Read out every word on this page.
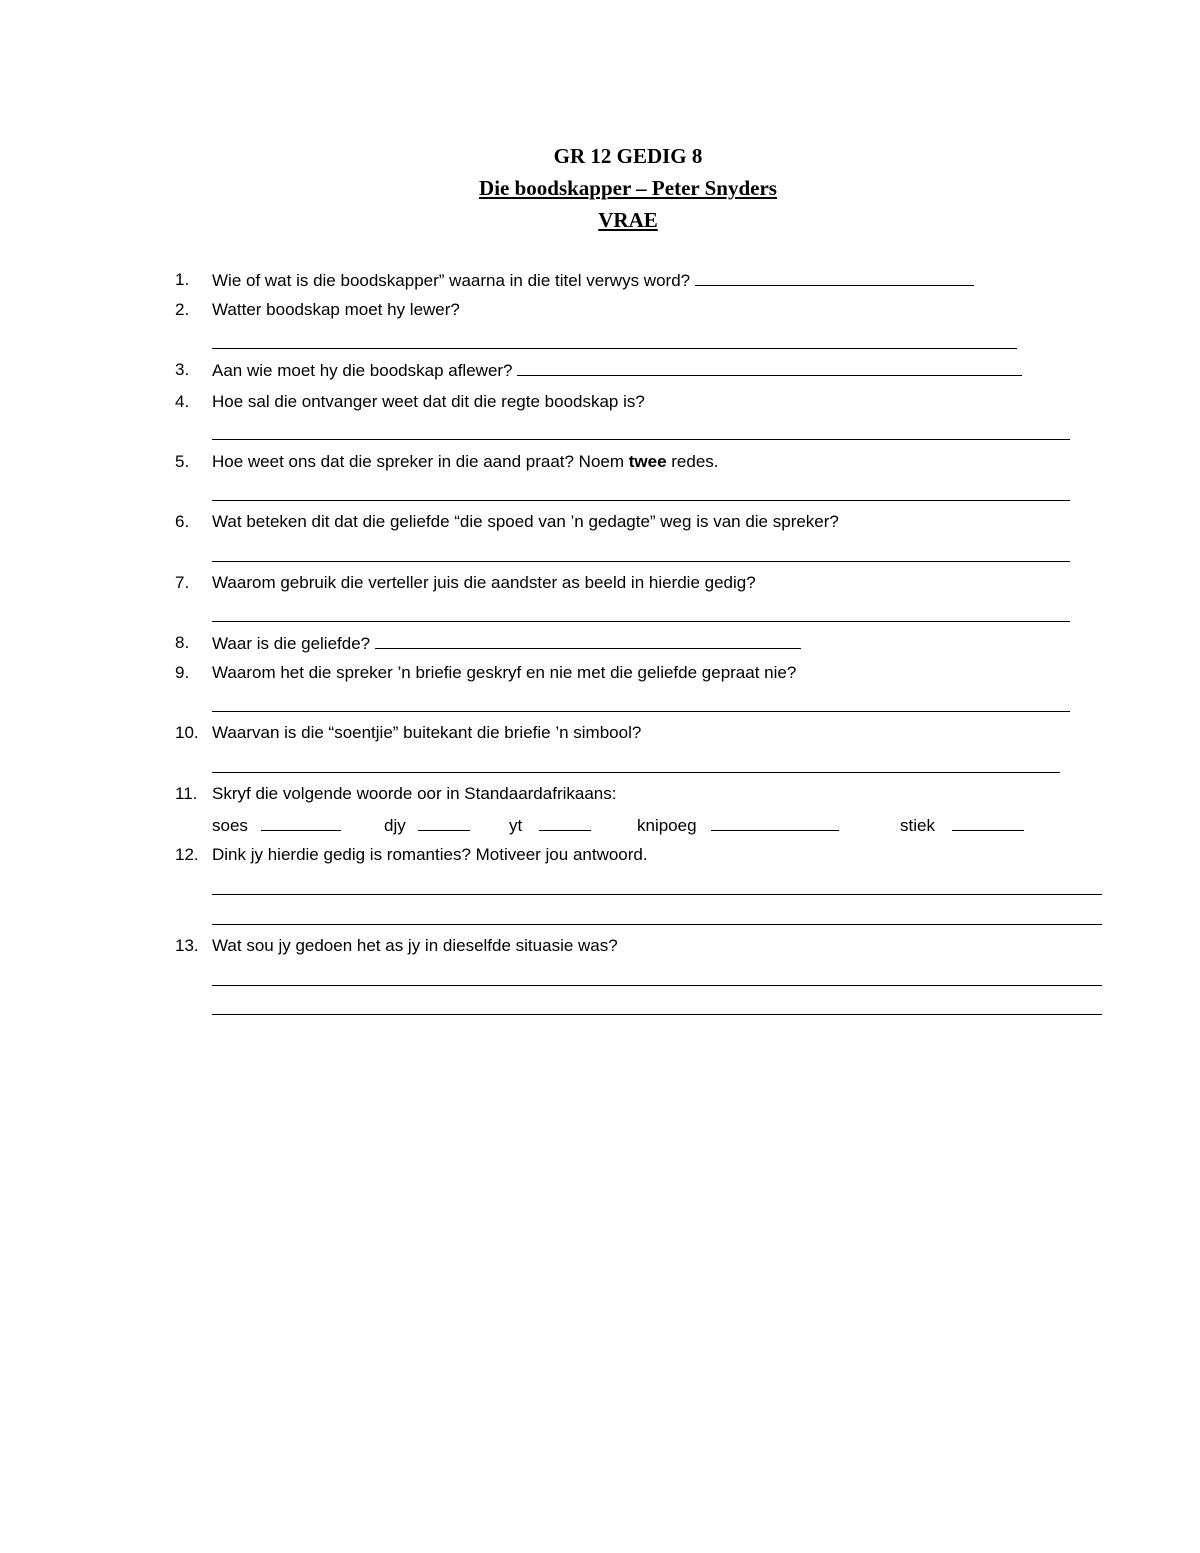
GR 12 GEDIG 8
Die boodskapper – Peter Snyders
VRAE
1.	Wie of wat is die boodskapper” waarna in die titel verwys word?
2.	Watter boodskap moet hy lewer?
3.	Aan wie moet hy die boodskap aflewer?
4.	Hoe sal die ontvanger weet dat dit die regte boodskap is?
5.	Hoe weet ons dat die spreker in die aand praat? Noem twee redes.
6.	Wat beteken dit dat die geliefde “die spoed van ’n gedagte” weg is van die spreker?
7.	Waarom gebruik die verteller juis die aandster as beeld in hierdie gedig?
8.	Waar is die geliefde?
9.	Waarom het die spreker ’n briefie geskryf en nie met die geliefde gepraat nie?
10. Waarvan is die “soentjie” buitekant die briefie ’n simbool?
11. Skryf die volgende woorde oor in Standaardafrikaans:
soes	djy	yt	knipoeg	stiek
12. Dink jy hierdie gedig is romanties? Motiveer jou antwoord.
13. Wat sou jy gedoen het as jy in dieselfde situasie was?
